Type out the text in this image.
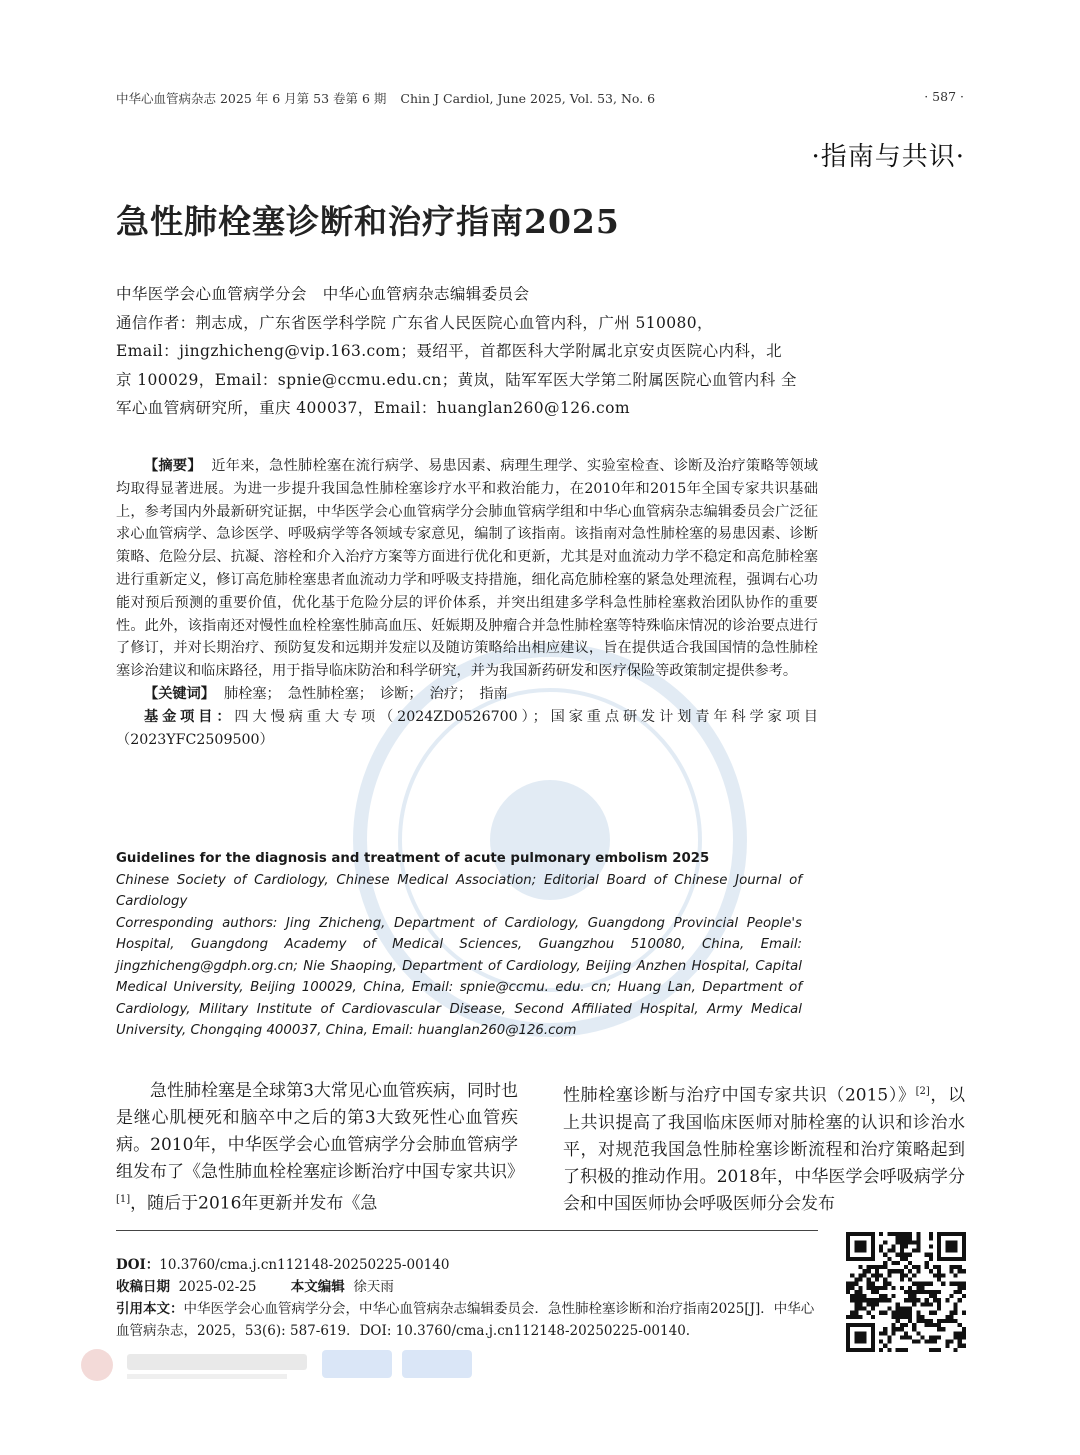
中华心血管病杂志 2025 年 6 月第 53 卷第 6 期 Chin J Cardiol, June 2025, Vol. 53, No. 6	· 587 ·
·指南与共识·
急性肺栓塞诊断和治疗指南2025

中华医学会心血管病学分会　中华心血管病杂志编辑委员会

通信作者：荆志成，广东省医学科学院 广东省人民医院心血管内科，广州 510080，

Email：jingzhicheng@vip.163.com；聂绍平，首都医科大学附属北京安贞医院心内科，北

京 100029，Email：spnie@ccmu.edu.cn；黄岚，陆军军医大学第二附属医院心血管内科 全

军心血管病研究所，重庆 400037，Email：huanglan260@126.com

【摘要】 近年来，急性肺栓塞在流行病学、易患因素、病理生理学、实验室检查、诊断及治疗策略等领域均取得显著进展。为进一步提升我国急性肺栓塞诊疗水平和救治能力，在2010年和2015年全国专家共识基础上，参考国内外最新研究证据，中华医学会心血管病学分会肺血管病学组和中华心血管病杂志编辑委员会广泛征求心血管病学、急诊医学、呼吸病学等各领域专家意见，编制了该指南。该指南对急性肺栓塞的易患因素、诊断策略、危险分层、抗凝、溶栓和介入治疗方案等方面进行优化和更新，尤其是对血流动力学不稳定和高危肺栓塞进行重新定义，修订高危肺栓塞患者血流动力学和呼吸支持措施，细化高危肺栓塞的紧急处理流程，强调右心功能对预后预测的重要价值，优化基于危险分层的评价体系，并突出组建多学科急性肺栓塞救治团队协作的重要性。此外，该指南还对慢性血栓栓塞性肺高血压、妊娠期及肿瘤合并急性肺栓塞等特殊临床情况的诊治要点进行了修订，并对长期治疗、预防复发和远期并发症以及随访策略给出相应建议，旨在提供适合我国国情的急性肺栓塞诊治建议和临床路径，用于指导临床防治和科学研究，并为我国新药研发和医疗保险等政策制定提供参考。

【关键词】 肺栓塞；　急性肺栓塞；　诊断；　治疗；　指南

基金项目：四大慢病重大专项（2024ZD0526700）；国家重点研发计划青年科学家项目（2023YFC2509500）

Guidelines for the diagnosis and treatment of acute pulmonary embolism 2025

Chinese Society of Cardiology, Chinese Medical Association; Editorial Board of Chinese Journal of Cardiology

Corresponding authors: Jing Zhicheng, Department of Cardiology, Guangdong Provincial People's Hospital, Guangdong Academy of Medical Sciences, Guangzhou 510080, China, Email: jingzhicheng@gdph.org.cn; Nie Shaoping, Department of Cardiology, Beijing Anzhen Hospital, Capital Medical University, Beijing 100029, China, Email: spnie@ccmu. edu. cn; Huang Lan, Department of Cardiology, Military Institute of Cardiovascular Disease, Second Affiliated Hospital, Army Medical University, Chongqing 400037, China, Email: huanglan260@126.com

急性肺栓塞是全球第3大常见心血管疾病，同时也是继心肌梗死和脑卒中之后的第3大致死性心血管疾病。2010年，中华医学会心血管病学分会肺血管病学组发布了《急性肺血栓栓塞症诊断治疗中国专家共识》[1]，随后于2016年更新并发布《急
性肺栓塞诊断与治疗中国专家共识（2015）》[2]，以上共识提高了我国临床医师对肺栓塞的认识和诊治水平，对规范我国急性肺栓塞诊断流程和治疗策略起到了积极的推动作用。2018年，中华医学会呼吸病学分会和中国医师协会呼吸医师分会发布

DOI：10.3760/cma.j.cn112148-20250225-00140

收稿日期 2025-02-25	本文编辑 徐天雨

引用本文：中华医学会心血管病学分会，中华心血管病杂志编辑委员会．急性肺栓塞诊断和治疗指南2025[J]．中华心血管病杂志，2025，53(6): 587-619．DOI: 10.3760/cma.j.cn112148-20250225-00140.
